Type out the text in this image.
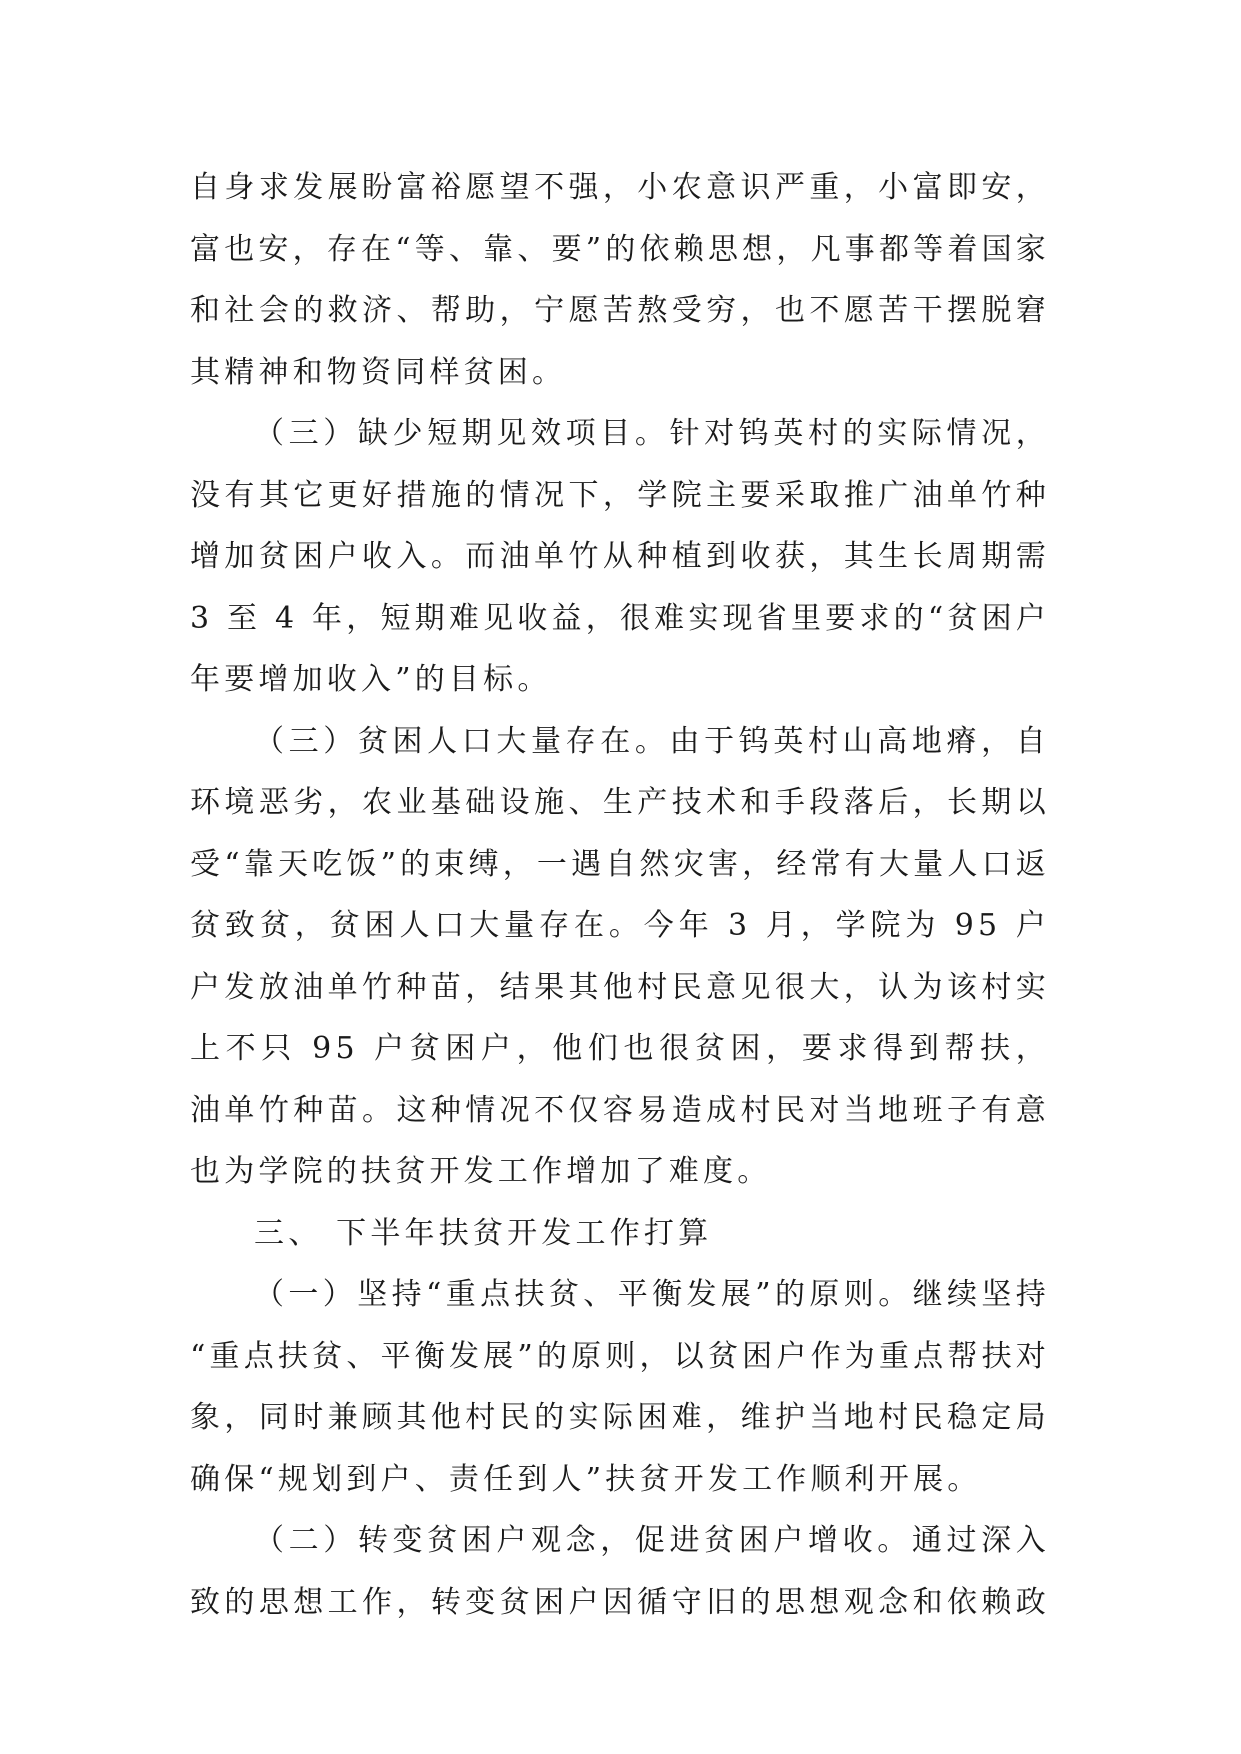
自身求发展盼富裕愿望不强，小农意识严重，小富即安，
富也安，存在“等、靠、要”的依赖思想，凡事都等着国家
和社会的救济、帮助，宁愿苦熬受穷，也不愿苦干摆脱窘
其精神和物资同样贫困。
（三）缺少短期见效项目。针对钨英村的实际情况，
没有其它更好措施的情况下，学院主要采取推广油单竹种
增加贫困户收入。而油单竹从种植到收获，其生长周期需
3 至 4 年，短期难见收益，很难实现省里要求的“贫困户
年要增加收入”的目标。
（三）贫困人口大量存在。由于钨英村山高地瘠，自
环境恶劣，农业基础设施、生产技术和手段落后，长期以
受“靠天吃饭”的束缚，一遇自然灾害，经常有大量人口返
贫致贫，贫困人口大量存在。今年 3 月，学院为 95 户
户发放油单竹种苗，结果其他村民意见很大，认为该村实
上不只 95 户贫困户，他们也很贫困，要求得到帮扶，
油单竹种苗。这种情况不仅容易造成村民对当地班子有意
也为学院的扶贫开发工作增加了难度。
三、 下半年扶贫开发工作打算
（一）坚持“重点扶贫、平衡发展”的原则。继续坚持
“重点扶贫、平衡发展”的原则，以贫困户作为重点帮扶对
象，同时兼顾其他村民的实际困难，维护当地村民稳定局
确保“规划到户、责任到人”扶贫开发工作顺利开展。
（二）转变贫困户观念，促进贫困户增收。通过深入
致的思想工作，转变贫困户因循守旧的思想观念和依赖政
